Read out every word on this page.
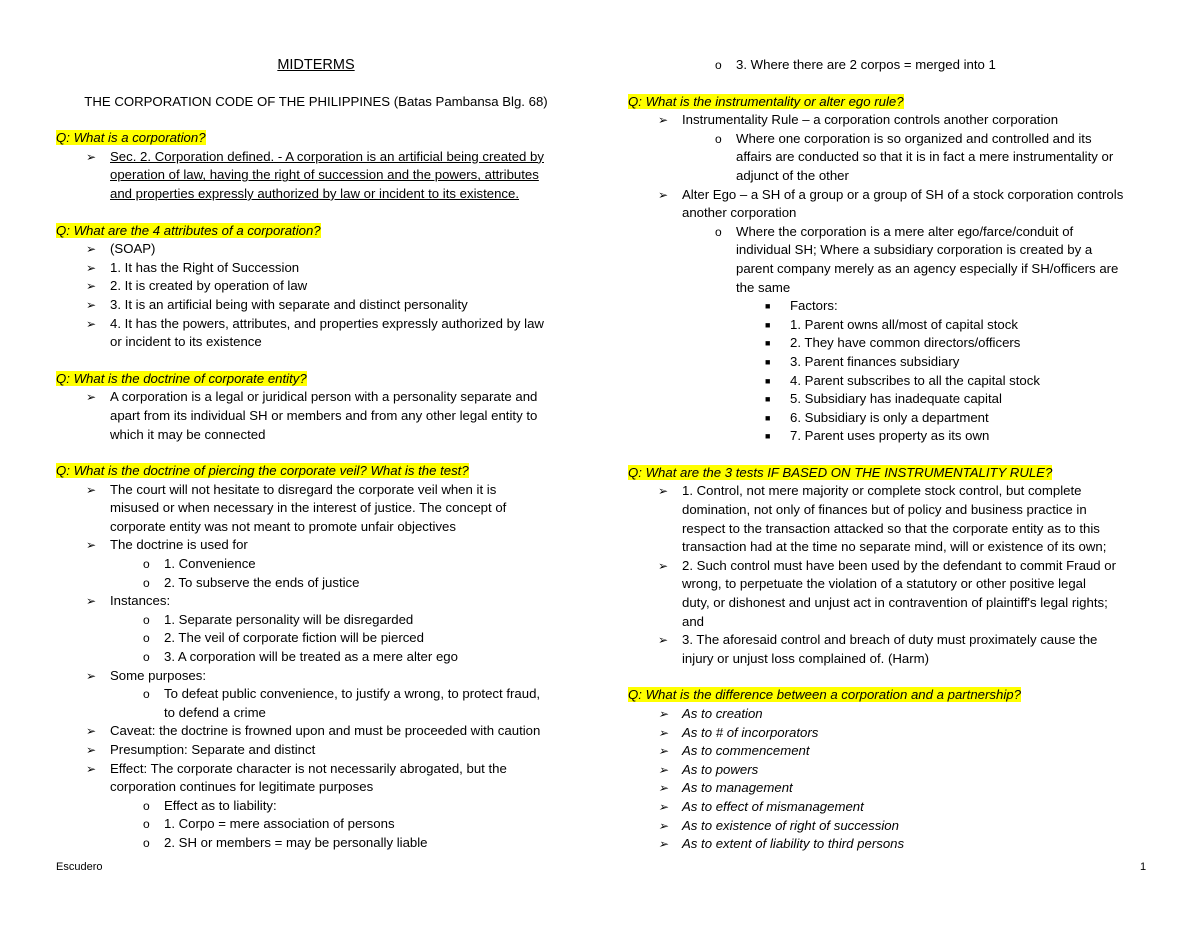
MIDTERMS
THE CORPORATION CODE OF THE PHILIPPINES (Batas Pambansa Blg. 68)
Q: What is a corporation?
➢ Sec. 2. Corporation defined. - A corporation is an artificial being created by
operation of law, having the right of succession and the powers, attributes
and properties expressly authorized by law or incident to its existence.
Q: What are the 4 attributes of a corporation?
➢ (SOAP)
➢ 1. It has the Right of Succession
➢ 2. It is created by operation of law
➢ 3. It is an artificial being with separate and distinct personality
➢ 4. It has the powers, attributes, and properties expressly authorized by law
or incident to its existence
Q: What is the doctrine of corporate entity?
➢ A corporation is a legal or juridical person with a personality separate and
apart from its individual SH or members and from any other legal entity to
which it may be connected
Q: What is the doctrine of piercing the corporate veil? What is the test?
➢ The court will not hesitate to disregard the corporate veil when it is
misused or when necessary in the interest of justice. The concept of
corporate entity was not meant to promote unfair objectives
➢ The doctrine is used for
o 1. Convenience
o 2. To subserve the ends of justice
➢ Instances:
o 1. Separate personality will be disregarded
o 2. The veil of corporate fiction will be pierced
o 3. A corporation will be treated as a mere alter ego
➢ Some purposes:
o To defeat public convenience, to justify a wrong, to protect fraud,
to defend a crime
➢ Caveat: the doctrine is frowned upon and must be proceeded with caution
➢ Presumption: Separate and distinct
➢ Effect: The corporate character is not necessarily abrogated, but the
corporation continues for legitimate purposes
o Effect as to liability:
o 1. Corpo = mere association of persons
o 2. SH or members = may be personally liable
o 3. Where there are 2 corpos = merged into 1
Q: What is the instrumentality or alter ego rule?
➢ Instrumentality Rule – a corporation controls another corporation
o Where one corporation is so organized and controlled and its
affairs are conducted so that it is in fact a mere instrumentality or
adjunct of the other
➢ Alter Ego – a SH of a group or a group of SH of a stock corporation controls
another corporation
o Where the corporation is a mere alter ego/farce/conduit of
individual SH; Where a subsidiary corporation is created by a
parent company merely as an agency especially if SH/officers are
the same
■ Factors:
■ 1. Parent owns all/most of capital stock
■ 2. They have common directors/officers
■ 3. Parent finances subsidiary
■ 4. Parent subscribes to all the capital stock
■ 5. Subsidiary has inadequate capital
■ 6. Subsidiary is only a department
■ 7. Parent uses property as its own
Q: What are the 3 tests IF BASED ON THE INSTRUMENTALITY RULE?
➢ 1. Control, not mere majority or complete stock control, but complete
domination, not only of finances but of policy and business practice in
respect to the transaction attacked so that the corporate entity as to this
transaction had at the time no separate mind, will or existence of its own;
➢ 2. Such control must have been used by the defendant to commit Fraud or
wrong, to perpetuate the violation of a statutory or other positive legal
duty, or dishonest and unjust act in contravention of plaintiff's legal rights;
and
➢ 3. The aforesaid control and breach of duty must proximately cause the
injury or unjust loss complained of. (Harm)
Q: What is the difference between a corporation and a partnership?
➢ As to creation
➢ As to # of incorporators
➢ As to commencement
➢ As to powers
➢ As to management
➢ As to effect of mismanagement
➢ As to existence of right of succession
➢ As to extent of liability to third persons
Escudero	1
